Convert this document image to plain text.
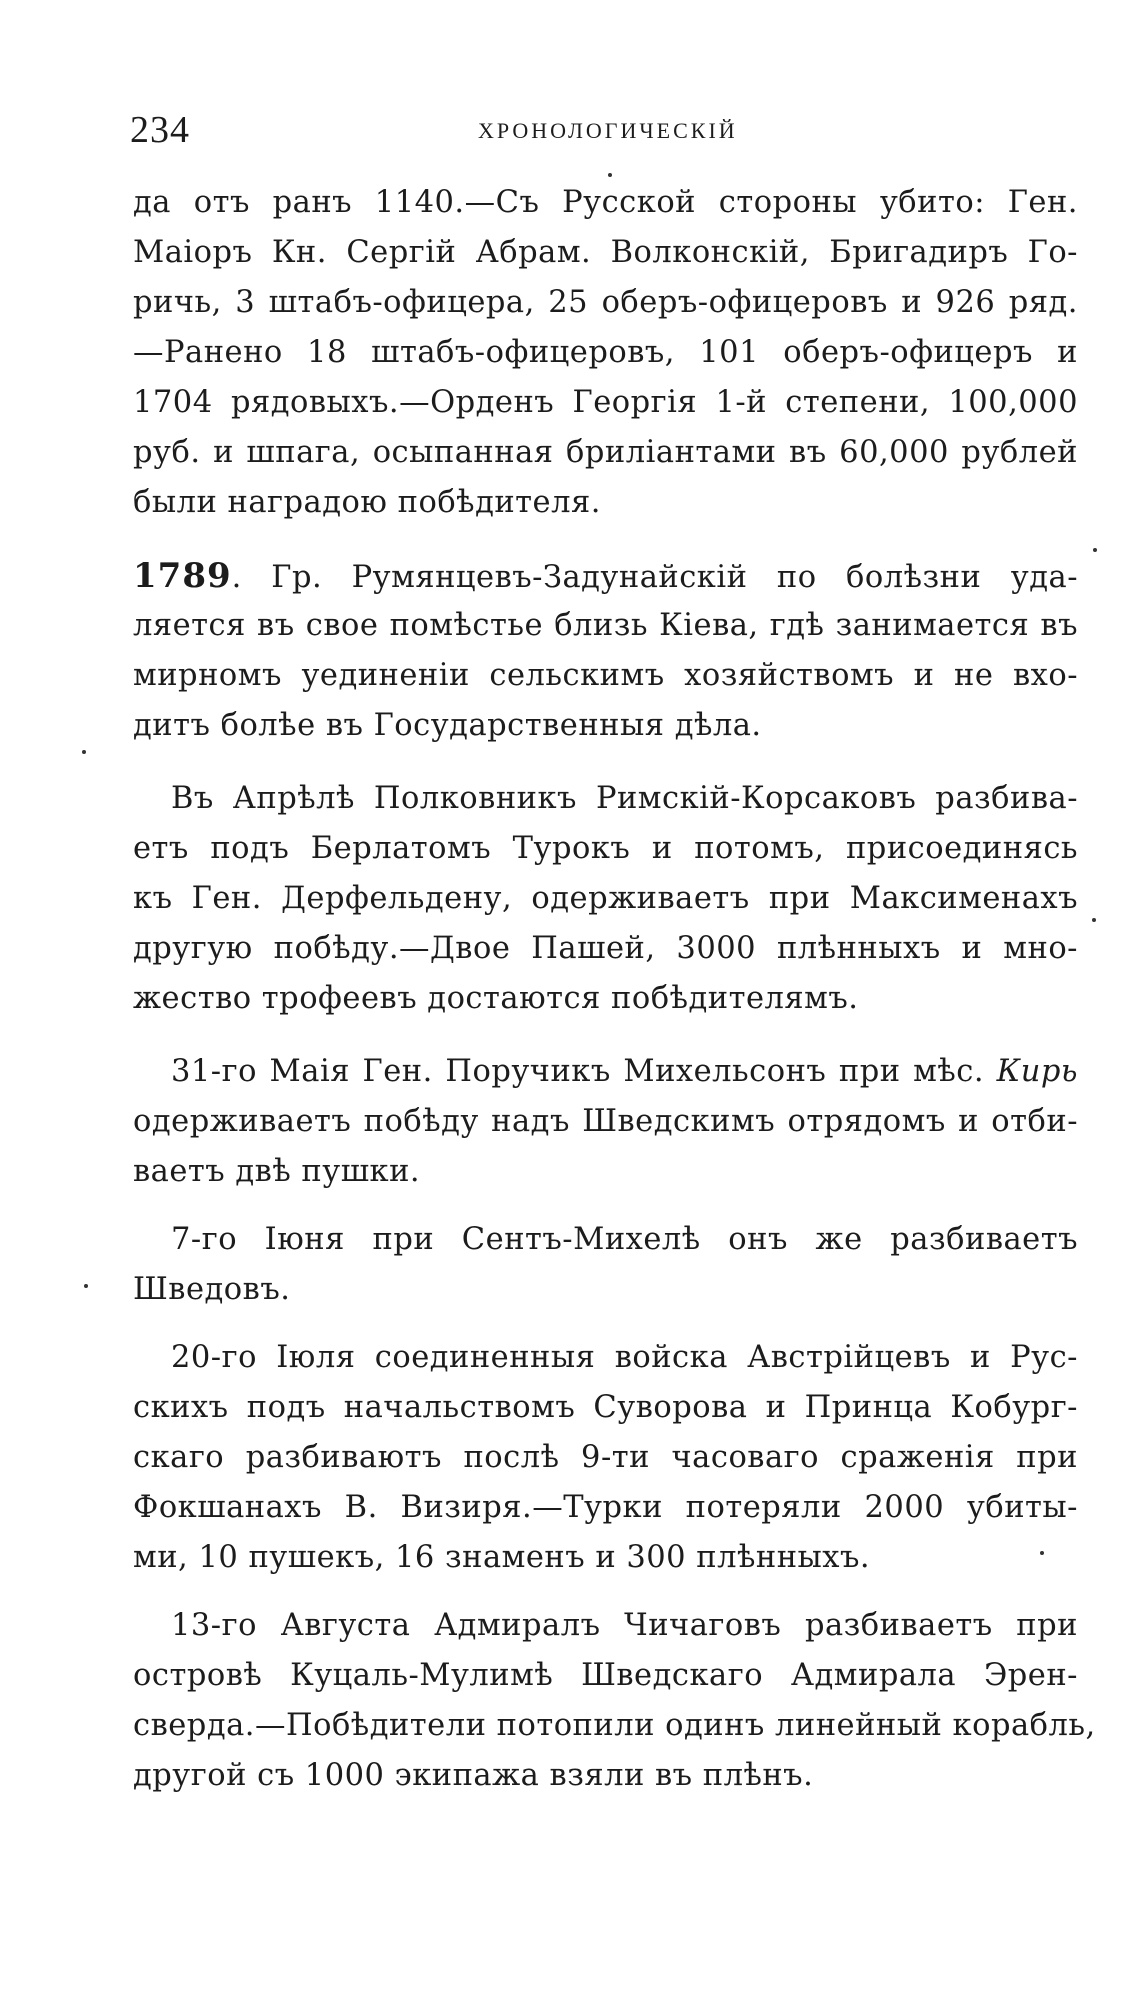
234	ХРОНОЛОГИЧЕСКIЙ
да отъ ранъ 1140.—Съ Русской стороны убито: Ген.
Маiоръ Кн. Сергiй Абрам. Волконскiй, Бригадиръ Го-
ричь, 3 штабъ-офицера, 25 оберъ-офицеровъ и 926 ряд.
—Ранено 18 штабъ-офицеровъ, 101 оберъ-офицеръ и
1704 рядовыхъ.—Орденъ Георгiя 1-й степени, 100,000
руб. и шпага, осыпанная бриліантами въ 60,000 рублей
были наградою побѣдителя.
1789. Гр. Румянцевъ-Задунайскiй по болѣзни уда-
ляется въ свое помѣстье близь Кiева, гдѣ занимается въ
мирномъ уединенiи сельскимъ хозяйствомъ и не вхо-
дитъ болѣе въ Государственныя дѣла.
Въ Апрѣлѣ Полковникъ Римскiй-Корсаковъ разбива-
етъ подъ Берлатомъ Турокъ и потомъ, присоединясь
къ Ген. Дерфельдену, одерживаетъ при Максименахъ
другую побѣду.—Двое Пашей, 3000 плѣнныхъ и мно-
жество трофеевъ достаются побѣдителямъ.
31-го Маiя Ген. Поручикъ Михельсонъ при мѣс. Кирь
одерживаетъ побѣду надъ Шведскимъ отрядомъ и отби-
ваетъ двѣ пушки.
7-го Iюня при Сентъ-Михелѣ онъ же разбиваетъ
Шведовъ.
20-го Iюля соединенныя войска Австрiйцевъ и Рус-
скихъ подъ начальствомъ Суворова и Принца Кобург-
скаго разбиваютъ послѣ 9-ти часоваго сраженiя при
Фокшанахъ В. Визиря.—Турки потеряли 2000 убиты-
ми, 10 пушекъ, 16 знаменъ и 300 плѣнныхъ.
13-го Августа Адмиралъ Чичаговъ разбиваетъ при
островѣ Куцаль-Мулимѣ Шведскаго Адмирала Эрен-
сверда.—Побѣдители потопили одинъ линейный корабль,
другой съ 1000 экипажа взяли въ плѣнъ.
